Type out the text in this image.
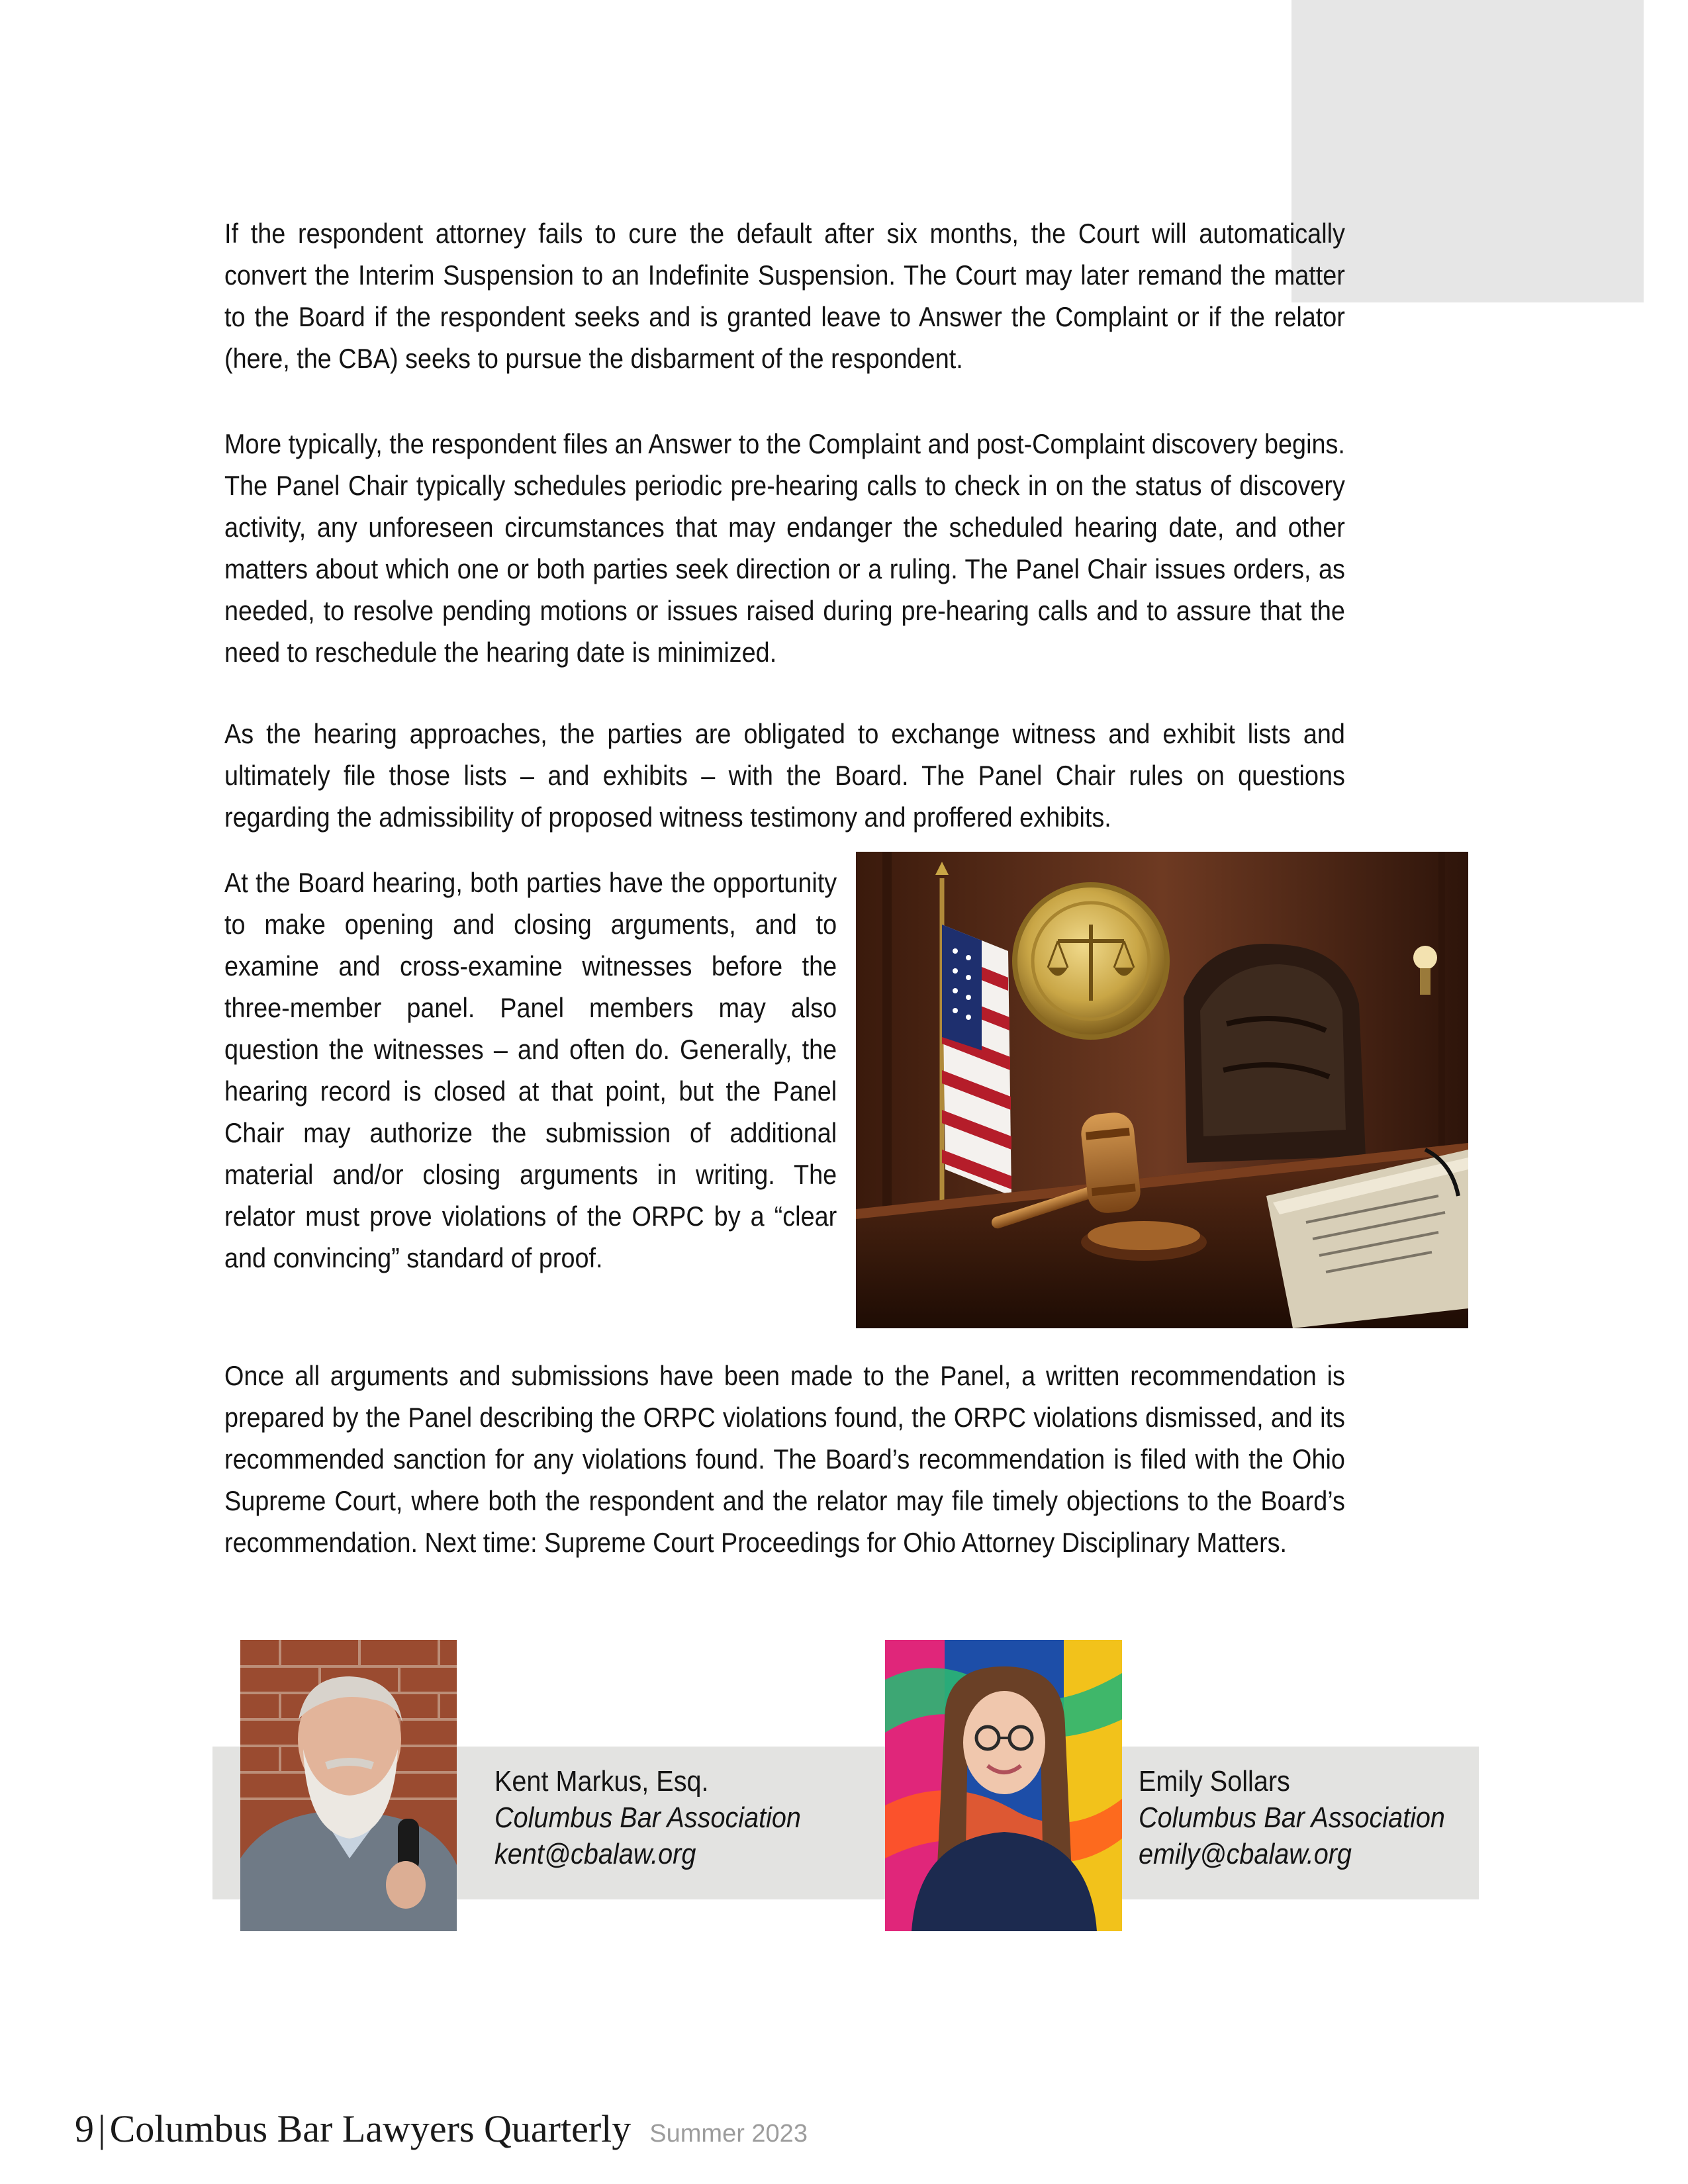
If the respondent attorney fails to cure the default after six months, the Court will automatically convert the Interim Suspension to an Indefinite Suspension. The Court may later remand the matter to the Board if the respondent seeks and is granted leave to Answer the Complaint or if the relator (here, the CBA) seeks to pursue the disbarment of the respondent.

More typically, the respondent files an Answer to the Complaint and post-Complaint discovery begins. The Panel Chair typically schedules periodic pre-hearing calls to check in on the status of discovery activity, any unforeseen circumstances that may endanger the scheduled hearing date, and other matters about which one or both parties seek direction or a ruling. The Panel Chair issues orders, as needed, to resolve pending motions or issues raised during pre-hearing calls and to assure that the need to reschedule the hearing date is minimized.

As the hearing approaches, the parties are obligated to exchange witness and exhibit lists and ultimately file those lists – and exhibits – with the Board. The Panel Chair rules on questions regarding the admissibility of proposed witness testimony and proffered exhibits.

At the Board hearing, both parties have the opportunity to make opening and closing arguments, and to examine and cross-examine witnesses before the three-member panel. Panel members may also question the witnesses – and often do. Generally, the hearing record is closed at that point, but the Panel Chair may authorize the submission of additional material and/or closing arguments in writing. The relator must prove violations of the ORPC by a “clear and convincing” standard of proof.

Once all arguments and submissions have been made to the Panel, a written recommendation is prepared by the Panel describing the ORPC violations found, the ORPC violations dismissed, and its recommended sanction for any violations found. The Board’s recommendation is filed with the Ohio Supreme Court, where both the respondent and the relator may file timely objections to the Board’s recommendation. Next time: Supreme Court Proceedings for Ohio Attorney Disciplinary Matters.

Kent Markus, Esq.
Columbus Bar Association
kent@cbalaw.org
Emily Sollars
Columbus Bar Association
emily@cbalaw.org
9 | Columbus Bar Lawyers Quarterly Summer 2023
